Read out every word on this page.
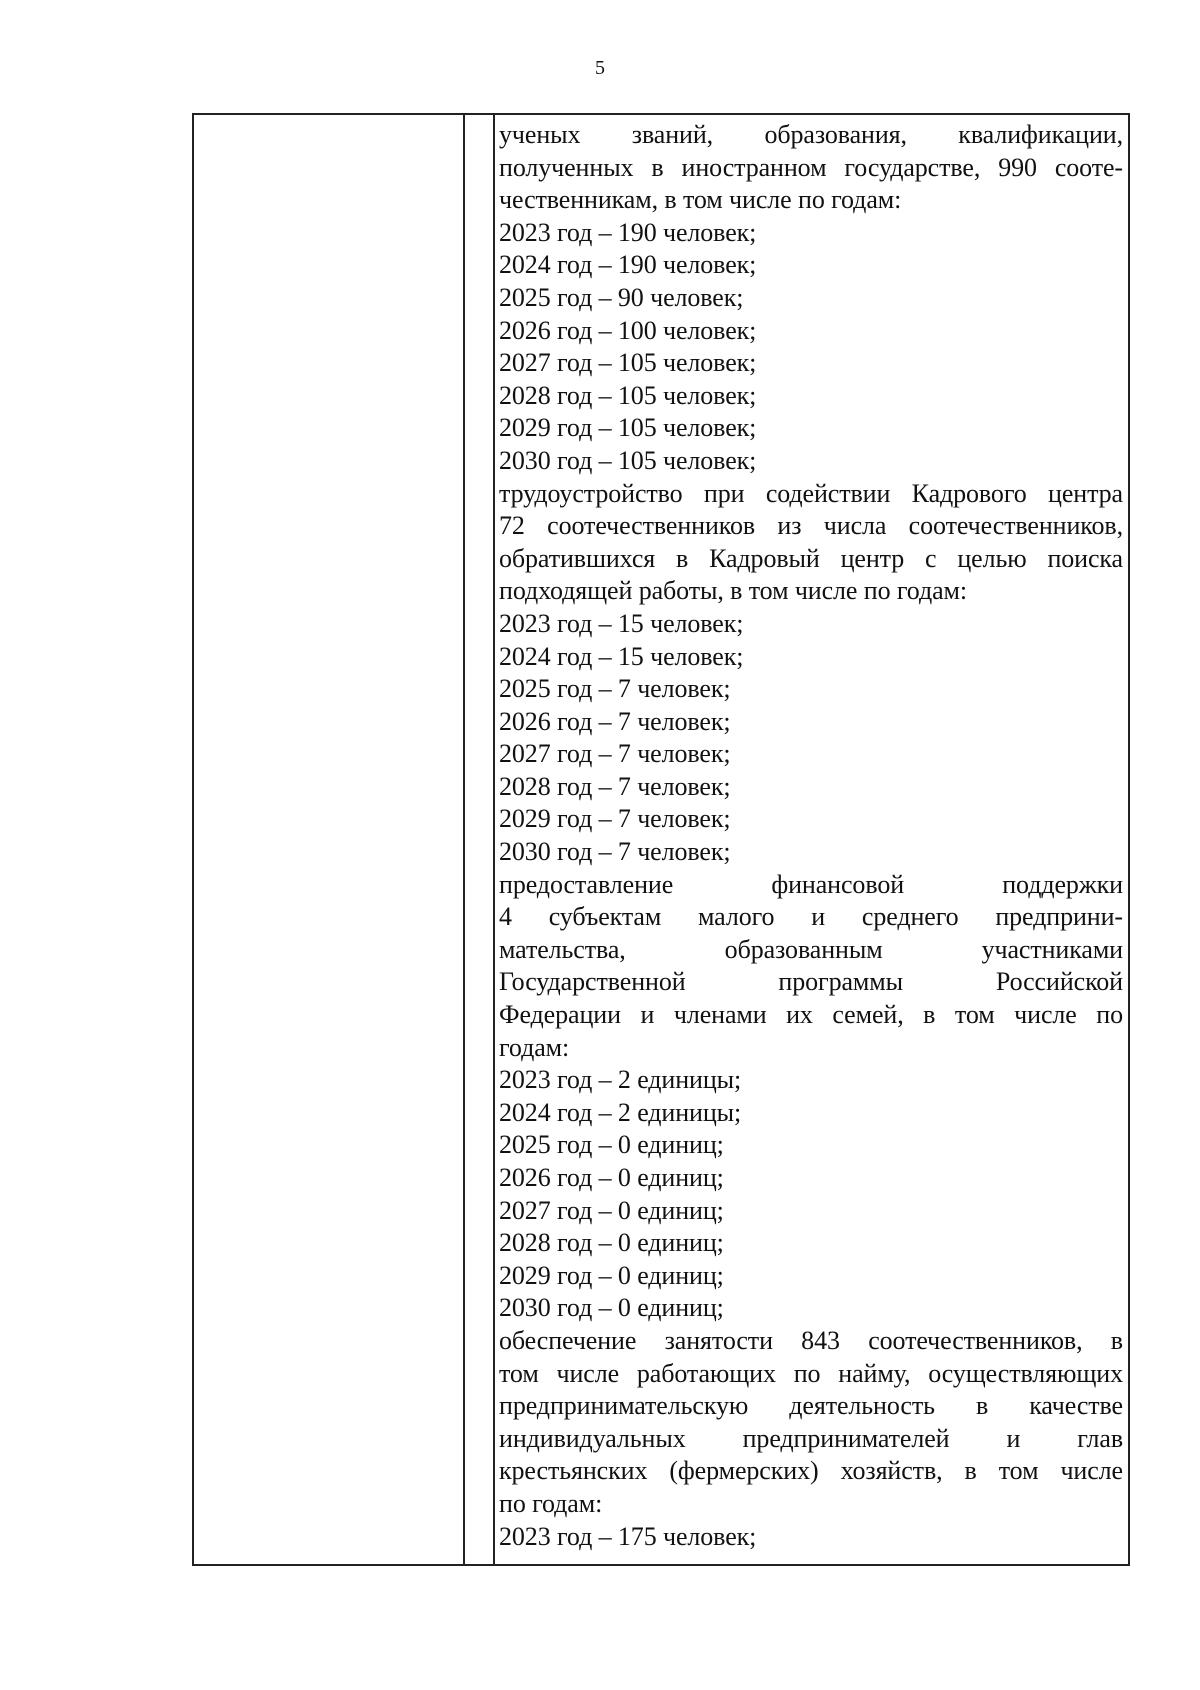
5
ученых званий, образования, квалификации,
полученных в иностранном государстве, 990 сооте-
чественникам, в том числе по годам:
2023 год – 190 человек;
2024 год – 190 человек;
2025 год – 90 человек;
2026 год – 100 человек;
2027 год – 105 человек;
2028 год – 105 человек;
2029 год – 105 человек;
2030 год – 105 человек;
трудоустройство при содействии Кадрового центра
72 соотечественников из числа соотечественников,
обратившихся в Кадровый центр с целью поиска
подходящей работы, в том числе по годам:
2023 год – 15 человек;
2024 год – 15 человек;
2025 год – 7 человек;
2026 год – 7 человек;
2027 год – 7 человек;
2028 год – 7 человек;
2029 год – 7 человек;
2030 год – 7 человек;
предоставление финансовой поддержки
4 субъектам малого и среднего предприни-
мательства, образованным участниками
Государственной программы Российской
Федерации и членами их семей, в том числе по
годам:
2023 год – 2 единицы;
2024 год – 2 единицы;
2025 год – 0 единиц;
2026 год – 0 единиц;
2027 год – 0 единиц;
2028 год – 0 единиц;
2029 год – 0 единиц;
2030 год – 0 единиц;
обеспечение занятости 843 соотечественников, в
том числе работающих по найму, осуществляющих
предпринимательскую деятельность в качестве
индивидуальных предпринимателей и глав
крестьянских (фермерских) хозяйств, в том числе
по годам:
2023 год – 175 человек;
